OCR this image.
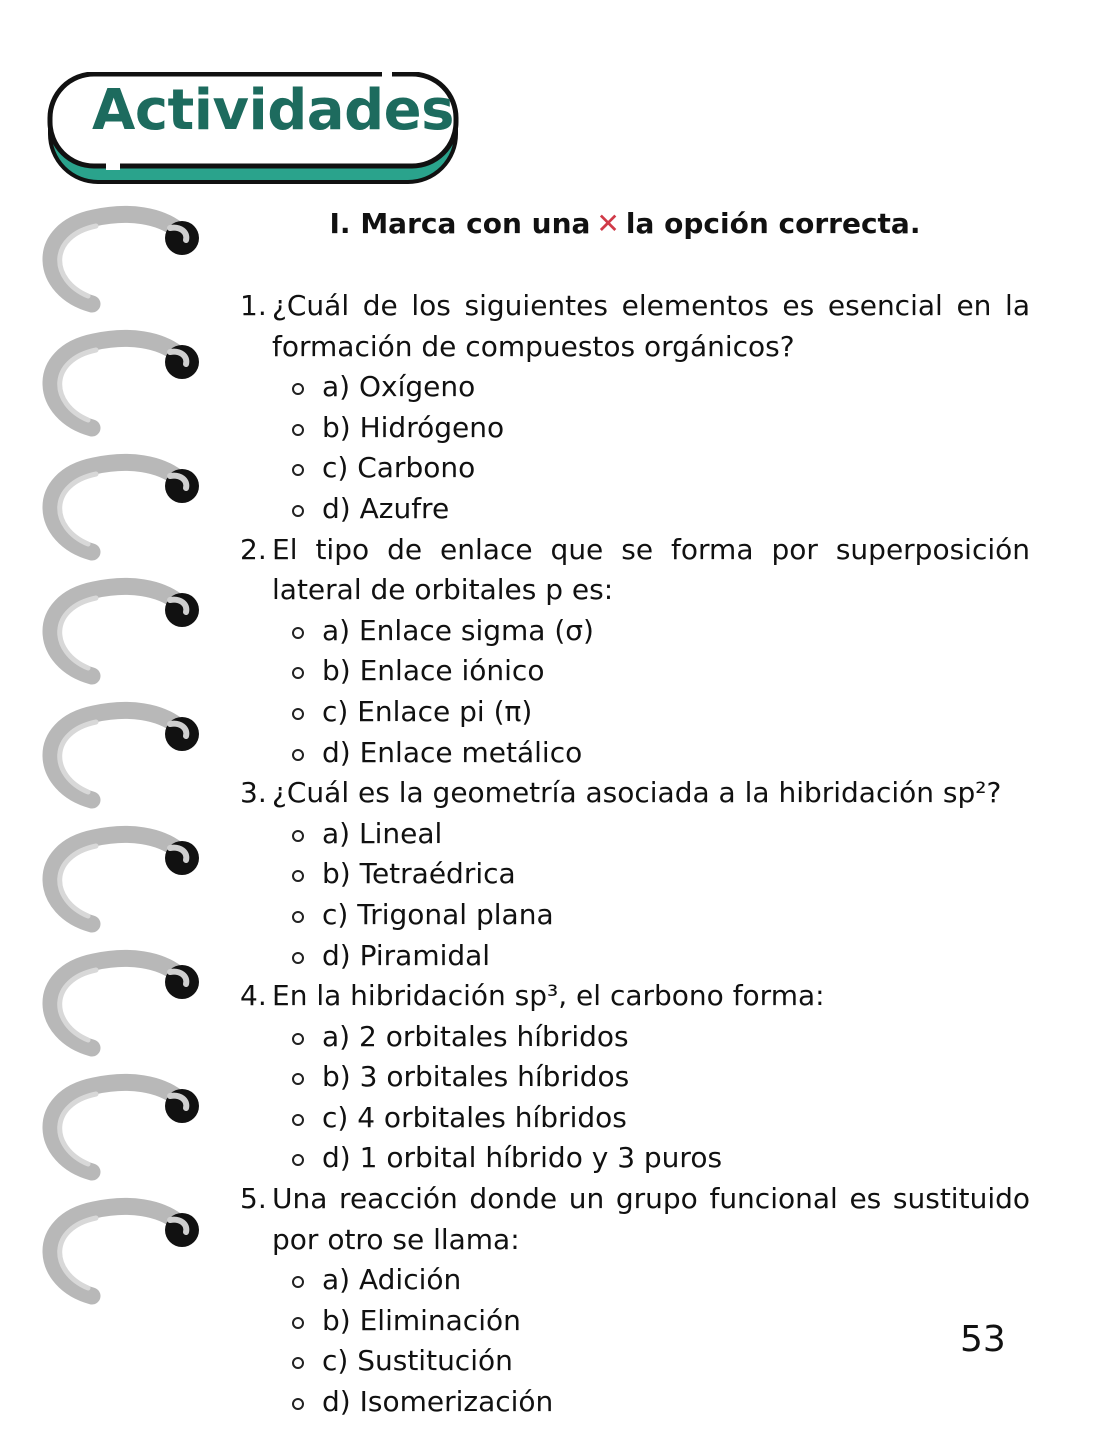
Actividades
I. Marca con una ✕ la opción correcta.
1. ¿Cuál de los siguientes elementos es esencial en la formación de compuestos orgánicos?
a) Oxígeno
b) Hidrógeno
c) Carbono
d) Azufre
2. El tipo de enlace que se forma por superposición lateral de orbitales p es:
a) Enlace sigma (σ)
b) Enlace iónico
c) Enlace pi (π)
d) Enlace metálico
3. ¿Cuál es la geometría asociada a la hibridación sp²?
a) Lineal
b) Tetraédrica
c) Trigonal plana
d) Piramidal
4. En la hibridación sp³, el carbono forma:
a) 2 orbitales híbridos
b) 3 orbitales híbridos
c) 4 orbitales híbridos
d) 1 orbital híbrido y 3 puros
5. Una reacción donde un grupo funcional es sustituido por otro se llama:
a) Adición
b) Eliminación
c) Sustitución
d) Isomerización
53
